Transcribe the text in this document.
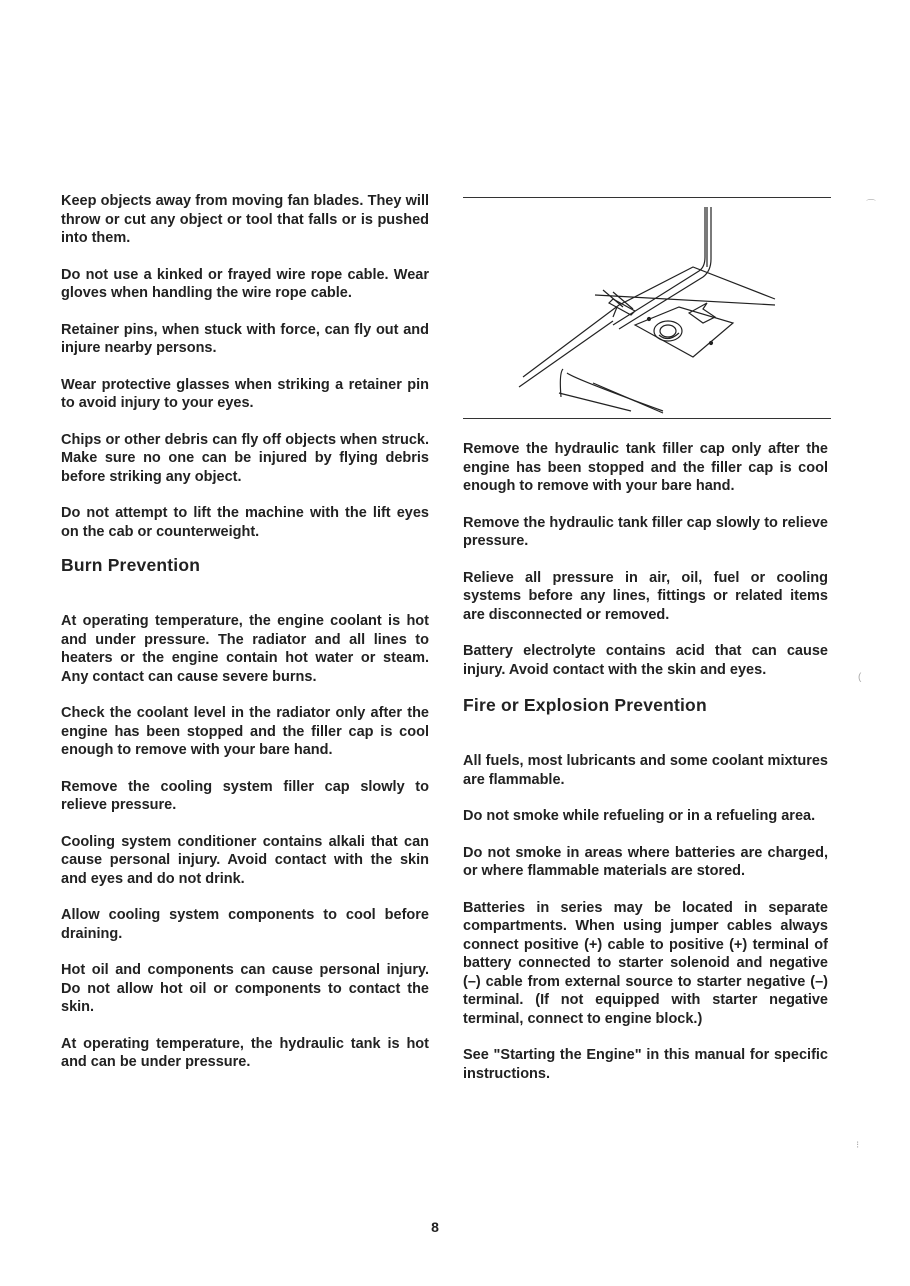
Keep objects away from moving fan blades. They will throw or cut any object or tool that falls or is pushed into them.

Do not use a kinked or frayed wire rope cable. Wear gloves when handling the wire rope cable.

Retainer pins, when stuck with force, can fly out and injure nearby persons.

Wear protective glasses when striking a retainer pin to avoid injury to your eyes.

Chips or other debris can fly off objects when struck. Make sure no one can be injured by flying debris before striking any object.

Do not attempt to lift the machine with the lift eyes on the cab or counterweight.

Burn Prevention

At operating temperature, the engine coolant is hot and under pressure. The radiator and all lines to heaters or the engine contain hot water or steam. Any contact can cause severe burns.

Check the coolant level in the radiator only after the engine has been stopped and the filler cap is cool enough to remove with your bare hand.

Remove the cooling system filler cap slowly to relieve pressure.

Cooling system conditioner contains alkali that can cause personal injury. Avoid contact with the skin and eyes and do not drink.

Allow cooling system components to cool before draining.

Hot oil and components can cause personal injury. Do not allow hot oil or components to contact the skin.

At operating temperature, the hydraulic tank is hot and can be under pressure.

Remove the hydraulic tank filler cap only after the engine has been stopped and the filler cap is cool enough to remove with your bare hand.

Remove the hydraulic tank filler cap slowly to relieve pressure.

Relieve all pressure in air, oil, fuel or cooling systems before any lines, fittings or related items are disconnected or removed.

Battery electrolyte contains acid that can cause injury. Avoid contact with the skin and eyes.

Fire or Explosion Prevention

All fuels, most lubricants and some coolant mixtures are flammable.

Do not smoke while refueling or in a refueling area.

Do not smoke in areas where batteries are charged, or where flammable materials are stored.

Batteries in series may be located in separate compartments. When using jumper cables always connect positive (+) cable to positive (+) terminal of battery connected to starter solenoid and negative (–) cable from external source to starter negative (–) terminal. (If not equipped with starter negative terminal, connect to engine block.)

See "Starting the Engine" in this manual for specific instructions.

8
⌒
(
⁝
